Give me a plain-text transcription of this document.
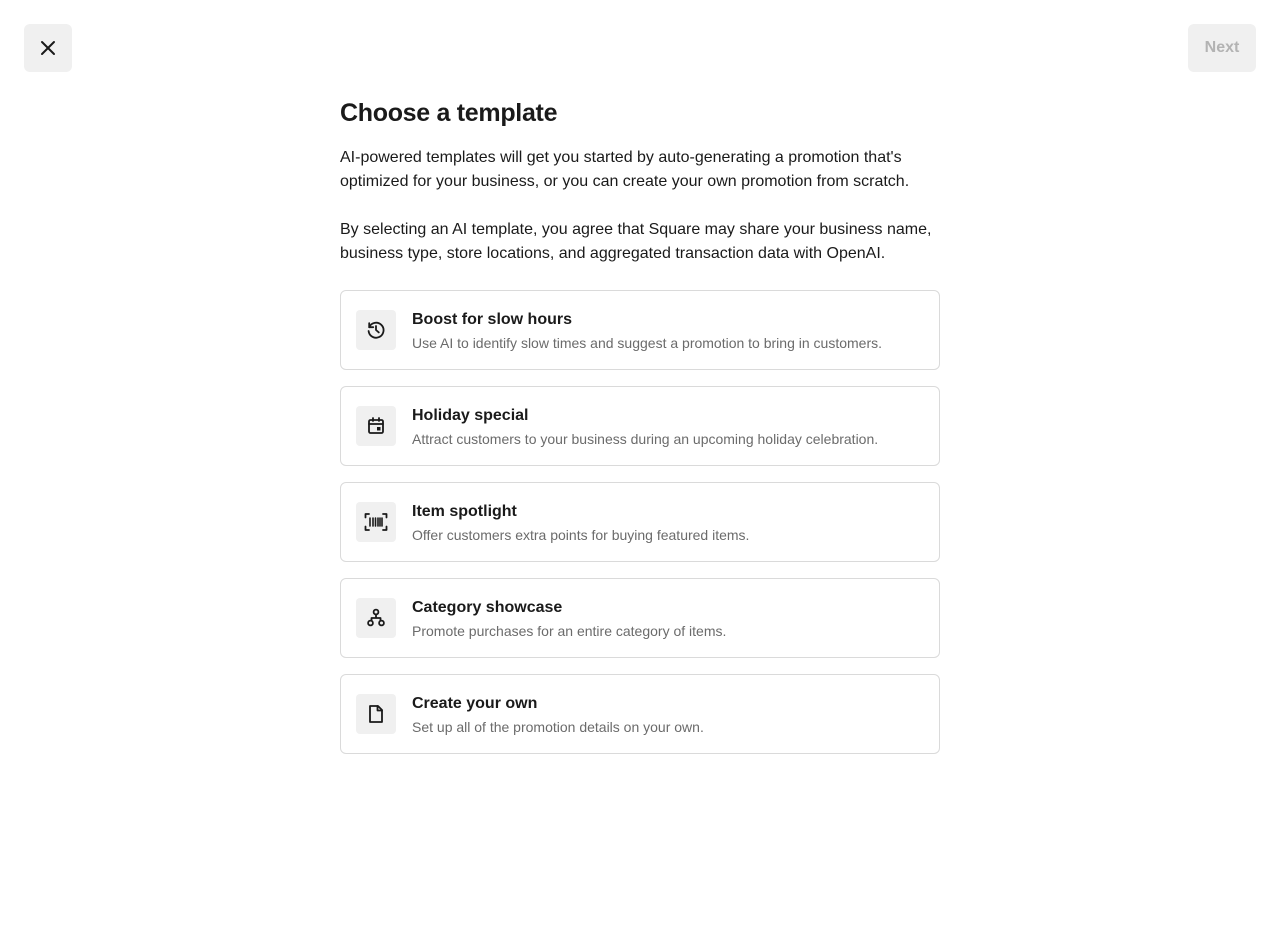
Next
Choose a template

AI-powered templates will get you started by auto-generating a promotion that's optimized for your business, or you can create your own promotion from scratch.

By selecting an AI template, you agree that Square may share your business name, business type, store locations, and aggregated transaction data with OpenAI.

Boost for slow hours
Use AI to identify slow times and suggest a promotion to bring in customers.
Holiday special
Attract customers to your business during an upcoming holiday celebration.
Item spotlight
Offer customers extra points for buying featured items.
Category showcase
Promote purchases for an entire category of items.
Create your own
Set up all of the promotion details on your own.
